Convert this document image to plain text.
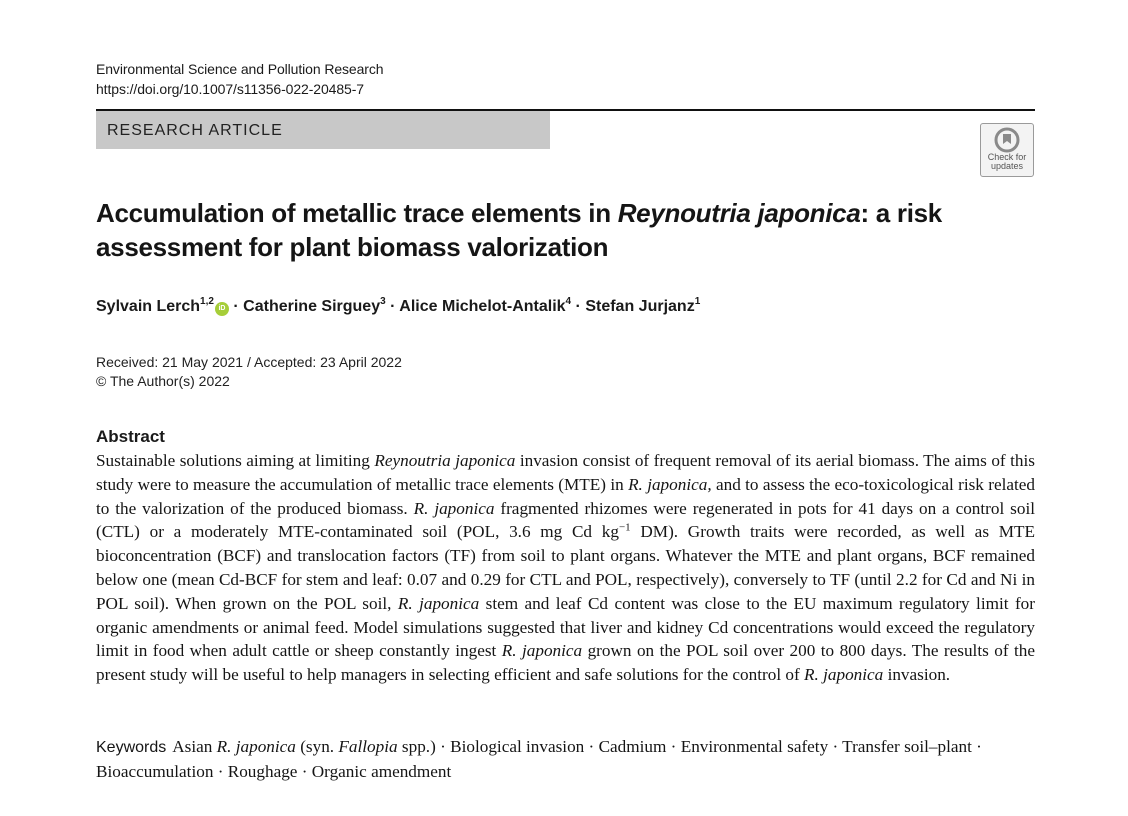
Environmental Science and Pollution Research
https://doi.org/10.1007/s11356-022-20485-7
RESEARCH ARTICLE
Check for
updates
Accumulation of metallic trace elements in Reynoutria japonica: a risk assessment for plant biomass valorization
Sylvain Lerch$^{1,2}$iD · Catherine Sirguey$^3$ · Alice Michelot-Antalik$^4$ · Stefan Jurjanz$^1$
Received: 21 May 2021 / Accepted: 23 April 2022
© The Author(s) 2022
Abstract
Sustainable solutions aiming at limiting Reynoutria japonica invasion consist of frequent removal of its aerial biomass. The aims of this study were to measure the accumulation of metallic trace elements (MTE) in R. japonica, and to assess the eco-toxicological risk related to the valorization of the produced biomass. R. japonica fragmented rhizomes were regenerated in pots for 41 days on a control soil (CTL) or a moderately MTE-contaminated soil (POL, 3.6 mg Cd $kg^{-1}$ DM). Growth traits were recorded, as well as MTE bioconcentration (BCF) and translocation factors (TF) from soil to plant organs. Whatever the MTE and plant organs, BCF remained below one (mean Cd-BCF for stem and leaf: 0.07 and 0.29 for CTL and POL, respectively), conversely to TF (until 2.2 for Cd and Ni in POL soil). When grown on the POL soil, R. japonica stem and leaf Cd content was close to the EU maximum regulatory limit for organic amendments or animal feed. Model simulations suggested that liver and kidney Cd concentrations would exceed the regulatory limit in food when adult cattle or sheep constantly ingest R. japonica grown on the POL soil over 200 to 800 days. The results of the present study will be useful to help managers in selecting efficient and safe solutions for the control of R. japonica invasion.
Keywords Asian R. japonica (syn. Fallopia spp.) · Biological invasion · Cadmium · Environmental safety · Transfer soil–plant · Bioaccumulation · Roughage · Organic amendment
